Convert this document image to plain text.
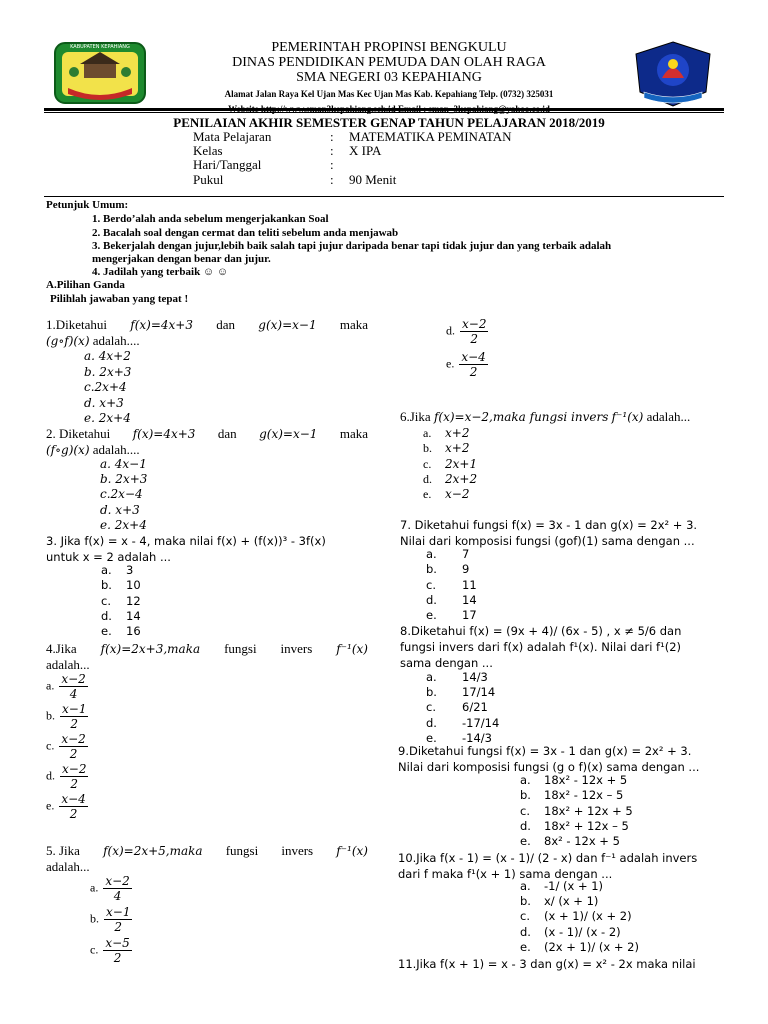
KABUPATEN KEPAHIANG	PEMERINTAH PROPINSI BENGKULU
DINAS PENDIDIKAN PEMUDA DAN OLAH RAGA
SMA NEGERI 03 KEPAHIANG
Alamat Jalan Raya Kel Ujan Mas Kec Ujan Mas Kab. Kepahiang Telp. (0732) 325031
PENILAIAN AKHIR SEMESTER GENAP TAHUN PELAJARAN 2018/2019
Mata Pelajaran	: MATEMATIKA PEMINATAN
Kelas	: X IPA
Hari/Tanggal	:
Pukul	: 90 Menit
Petunjuk Umum:
1. Berdo’alah anda sebelum mengerjakankan Soal
2. Bacalah soal dengan cermat dan teliti sebelum anda menjawab
3. Bekerjalah dengan jujur,lebih baik salah tapi jujur daripada benar tapi tidak jujur dan yang terbaik adalah
mengerjakan dengan benar dan jujur.
4. Jadilah yang terbaik ☺ ☺
A.Pilihan Ganda
Pilihlah jawaban yang tepat !
1.Diketahui f(x)=4x+3 dan g(x)=x−1 maka
(g∘f)(x) adalah....
a. 4x+2
b. 2x+3
c.2x+4
d. x+3
e. 2x+4
2. Diketahui f(x)=4x+3 dan g(x)=x−1 maka
(f∘g)(x) adalah....
a. 4x−1
b. 2x+3
c.2x−4
d. x+3
e. 2x+4
3. Jika f(x) = x - 4, maka nilai f(x) + (f(x))³ - 3f(x)
untuk x = 2 adalah ...
a. 3
b. 10
c. 12
d. 14
e. 16
4.Jika f(x)=2x+3,maka fungsi invers f⁻¹(x)
adalah...
a. $\frac{x-2}{4}$
b. $\frac{x-1}{2}$
c. $\frac{x-2}{2}$
d. $\frac{x-2}{2}$
e. $\frac{x-4}{2}$
5. Jika f(x)=2x+5,maka fungsi invers f⁻¹(x)
adalah...
a. $\frac{x-2}{4}$
b. $\frac{x-1}{2}$
c. $\frac{x-5}{2}$
d. $\frac{x-2}{2}$
e. $\frac{x-4}{2}$
6.Jika f(x)=x−2,maka fungsi invers f⁻¹(x) adalah...
a. x+2
b. x+2
c. 2x+1
d. 2x+2
e. x−2
7. Diketahui fungsi f(x) = 3x - 1 dan g(x) = 2x² + 3.
Nilai dari komposisi fungsi (gof)(1) sama dengan ...
a. 7
b. 9
c. 11
d. 14
e. 17
8.Diketahui f(x) = (9x + 4)/ (6x - 5) , x ≠ 5/6 dan
fungsi invers dari f(x) adalah f¹(x). Nilai dari f¹(2)
sama dengan ...
a. 14/3
b. 17/14
c. 6/21
d. -17/14
e. -14/3
9.Diketahui fungsi f(x) = 3x - 1 dan g(x) = 2x² + 3.
Nilai dari komposisi fungsi (g o f)(x) sama dengan ...
a. 18x² - 12x + 5
b. 18x² - 12x – 5
c. 18x² + 12x + 5
d. 18x² + 12x – 5
e. 8x² - 12x + 5
10.Jika f(x - 1) = (x - 1)/ (2 - x) dan f⁻¹ adalah invers
dari f maka f¹(x + 1) sama dengan ...
a. -1/ (x + 1)
b. x/ (x + 1)
c. (x + 1)/ (x + 2)
d. (x - 1)/ (x - 2)
e. (2x + 1)/ (x + 2)
11.Jika f(x + 1) = x - 3 dan g(x) = x² - 2x maka nilai
